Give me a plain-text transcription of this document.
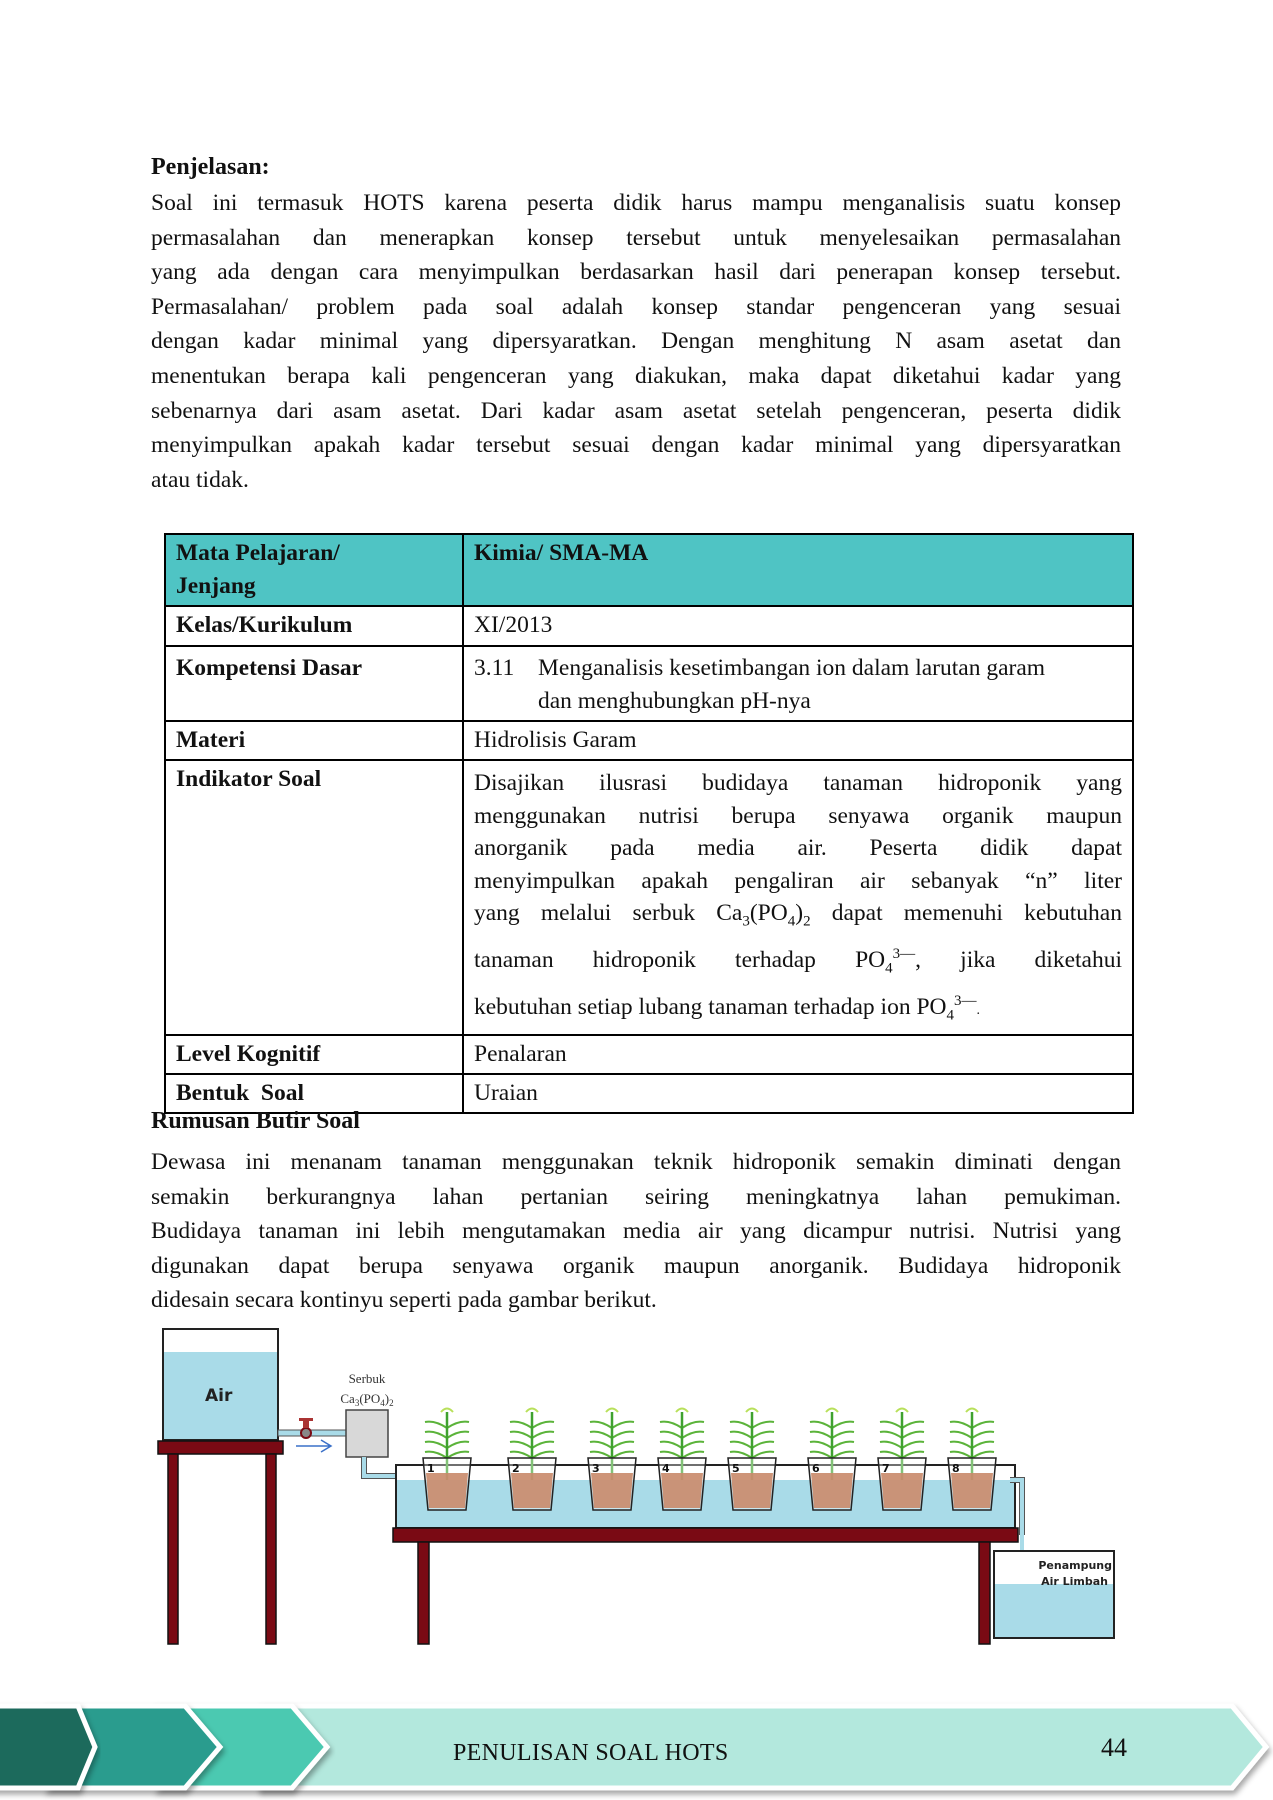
Penjelasan:
Soal ini termasuk HOTS karena peserta didik harus mampu menganalisis suatu konsep
permasalahan dan menerapkan konsep tersebut untuk menyelesaikan permasalahan
yang ada dengan cara menyimpulkan berdasarkan hasil dari penerapan konsep tersebut.
Permasalahan/ problem pada soal adalah konsep standar pengenceran yang sesuai
dengan kadar minimal yang dipersyaratkan. Dengan menghitung N asam asetat dan
menentukan berapa kali pengenceran yang diakukan, maka dapat diketahui kadar yang
sebenarnya dari asam asetat. Dari kadar asam asetat setelah pengenceran, peserta didik
menyimpulkan apakah kadar tersebut sesuai dengan kadar minimal yang dipersyaratkan
atau tidak.
Mata Pelajaran/
Jenjang	Kimia/ SMA-MA
Kelas/Kurikulum	XI/2013
Kompetensi Dasar	3.11 Menganalisis kesetimbangan ion dalam larutan garam
dan menghubungkan pH-nya

Materi	Hidrolisis Garam
Indikator Soal	Disajikan ilusrasi budidaya tanaman hidroponik yang
menggunakan nutrisi berupa senyawa organik maupun
anorganik pada media air. Peserta didik dapat
menyimpulkan apakah pengaliran air sebanyak “n” liter
yang melalui serbuk $Ca_3(PO_4)_2$ dapat memenuhi kebutuhan
tanaman hidroponik terhadap $PO_4^{3—}$, jika diketahui
kebutuhan setiap lubang tanaman terhadap ion $PO_4^{3—}$.

Level Kognitif	Penalaran
Bentuk  Soal	Uraian
Rumusan Butir Soal
Dewasa ini menanam tanaman menggunakan teknik hidroponik semakin diminati dengan
semakin berkurangnya lahan pertanian seiring meningkatnya lahan pemukiman.
Budidaya tanaman ini lebih mengutamakan media air yang dicampur nutrisi. Nutrisi yang
digunakan dapat berupa senyawa organik maupun anorganik. Budidaya hidroponik
didesain secara kontinyu seperti pada gambar berikut.
Air
Serbuk
$Ca_3(PO_4)_2$
1	2	3	4	5	6	7	8
Penampung
Air Limbah
PENULISAN SOAL HOTS	44
